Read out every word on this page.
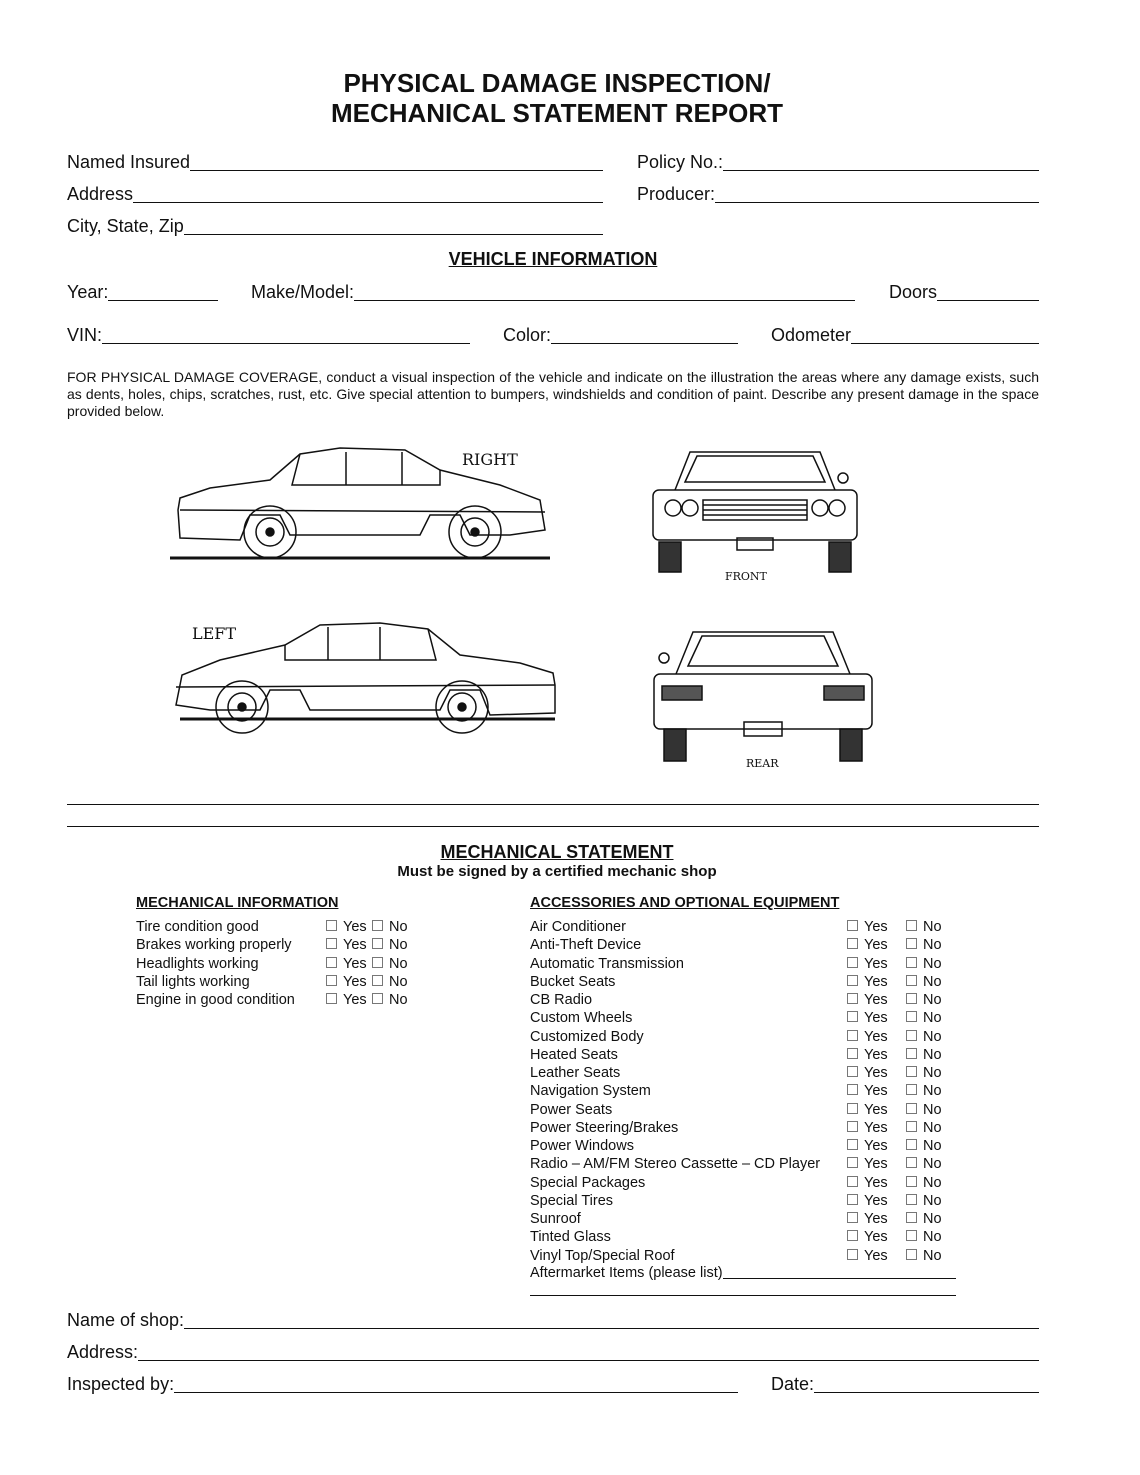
PHYSICAL DAMAGE INSPECTION/
MECHANICAL STATEMENT REPORT
Named Insured	Policy No.:
Address	Producer:
City, State, Zip
VEHICLE INFORMATION
Year:	Make/Model:	Doors
VIN:	Color:	Odometer
FOR PHYSICAL DAMAGE COVERAGE, conduct a visual inspection of the vehicle and indicate on the illustration the areas where any damage exists, such as dents, holes, chips, scratches, rust, etc. Give special attention to bumpers, windshields and condition of paint. Describe any present damage in the space provided below.
RIGHT
FRONT
LEFT
REAR
MECHANICAL STATEMENT
Must be signed by a certified mechanic shop
MECHANICAL INFORMATION	ACCESSORIES AND OPTIONAL EQUIPMENT
Tire condition good	Yes	No
Brakes working properly	Yes	No
Headlights working	Yes	No
Tail lights working	Yes	No
Engine in good condition	Yes	No
Air Conditioner	Yes	No
Anti-Theft Device	Yes	No
Automatic Transmission	Yes	No
Bucket Seats	Yes	No
CB Radio	Yes	No
Custom Wheels	Yes	No
Customized Body	Yes	No
Heated Seats	Yes	No
Leather Seats	Yes	No
Navigation System	Yes	No
Power Seats	Yes	No
Power Steering/Brakes	Yes	No
Power Windows	Yes	No
Radio – AM/FM Stereo Cassette – CD Player	Yes	No
Special Packages	Yes	No
Special Tires	Yes	No
Sunroof	Yes	No
Tinted Glass	Yes	No
Vinyl Top/Special Roof	Yes	No
Aftermarket Items (please list)
Name of shop:
Address:
Inspected by:	Date:
